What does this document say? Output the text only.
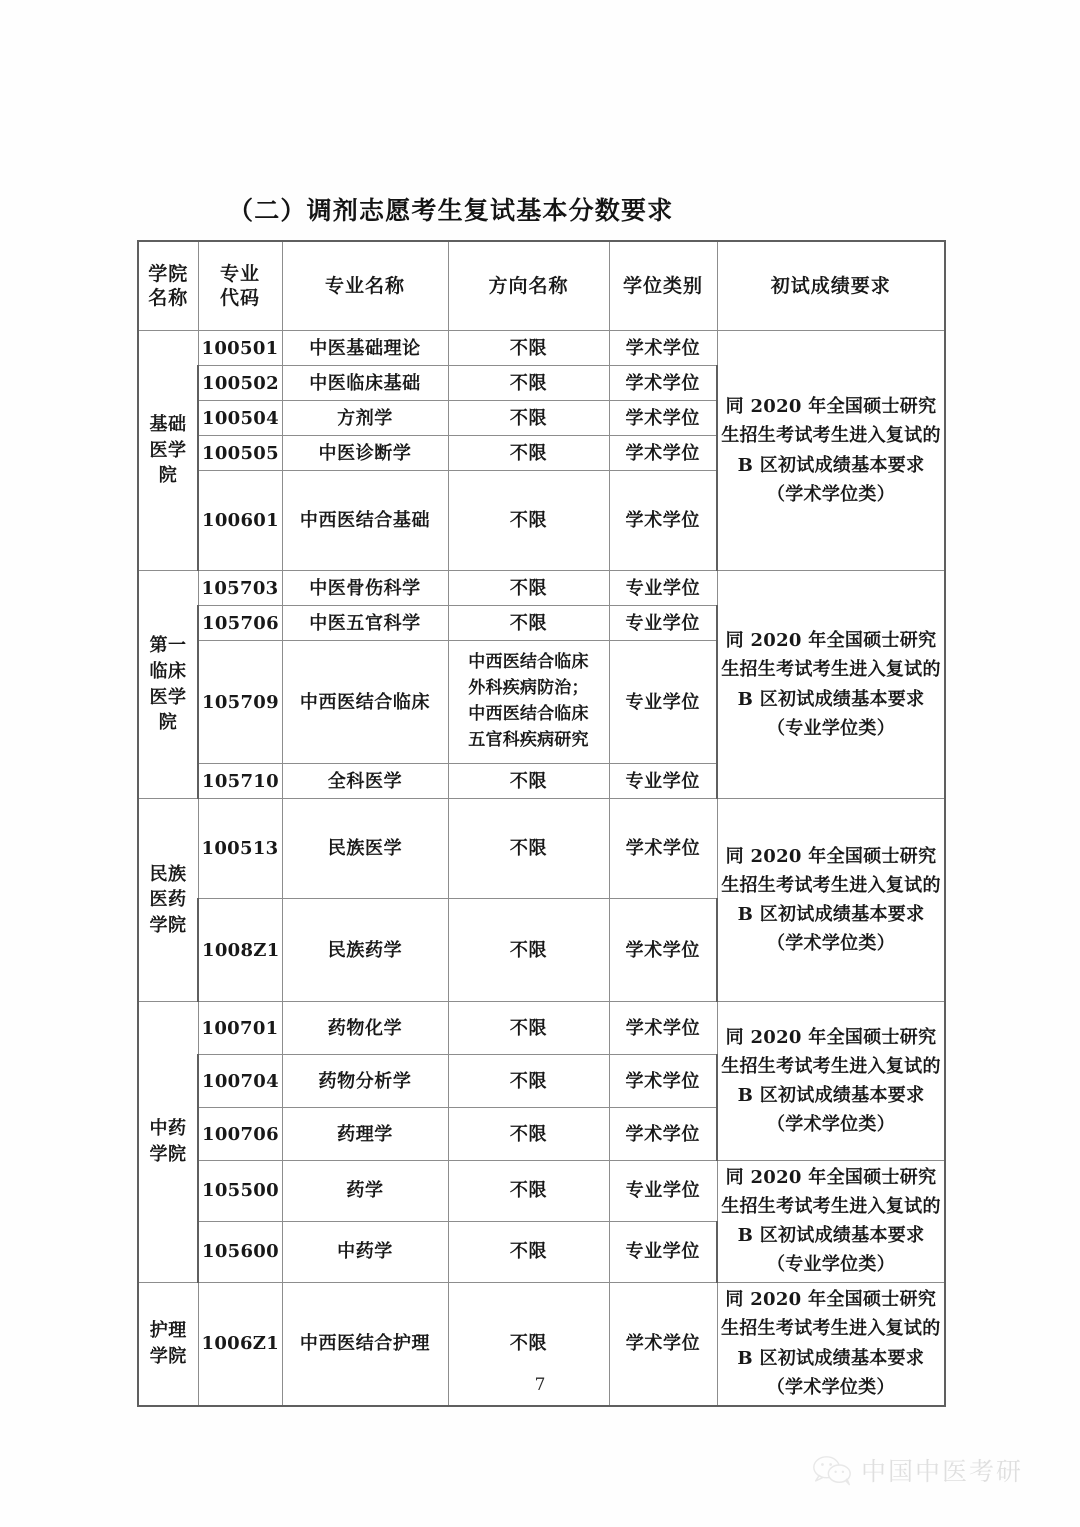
（二）调剂志愿考生复试基本分数要求
学院
名称

专业
代码
	专业名称	方向名称	学位类别	初试成绩要求

基础
医学
院	100501	中医基础理论	不限	学术学位	同 2020 年全国硕士研究生招生考试考生进入复试的 B 区初试成绩基本要求（学术学位类）
	100502	中医临床基础	不限	学术学位	
	100504	方剂学	不限	学术学位	
	100505	中医诊断学	不限	学术学位	
	100601	中西医结合基础	不限	学术学位	

第一
临床
医学
院	105703	中医骨伤科学	不限	专业学位	同 2020 年全国硕士研究生招生考试考生进入复试的 B 区初试成绩基本要求（专业学位类）
	105706	中医五官科学	不限	专业学位	
	105709	中西医结合临床	中西医结合临床
外科疾病防治；
中西医结合临床
五官科疾病研究	专业学位	
	105710	全科医学	不限	专业学位	

民族
医药
学院	100513	民族医学	不限	学术学位	同 2020 年全国硕士研究生招生考试考生进入复试的 B 区初试成绩基本要求（学术学位类）
	1008Z1	民族药学	不限	学术学位	

中药
学院	100701	药物化学	不限	学术学位	同 2020 年全国硕士研究生招生考试考生进入复试的 B 区初试成绩基本要求（学术学位类）
	100704	药物分析学	不限	学术学位	
	100706	药理学	不限	学术学位	
	105500	药学	不限	专业学位	同 2020 年全国硕士研究生招生考试考生进入复试的 B 区初试成绩基本要求（专业学位类）
	105600	中药学	不限	专业学位	

护理
学院	1006Z1	中西医结合护理	不限	学术学位	同 2020 年全国硕士研究生招生考试考生进入复试的 B 区初试成绩基本要求（学术学位类）
7
中国中医考研
